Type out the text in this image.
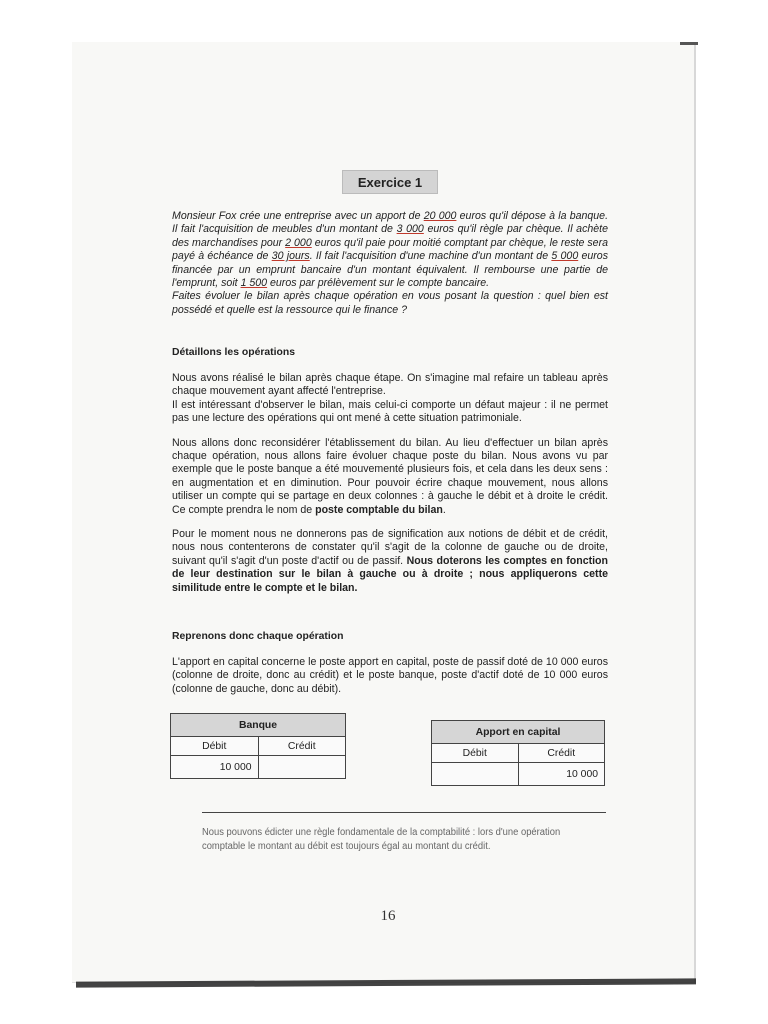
Exercice 1

Monsieur Fox crée une entreprise avec un apport de 20 000 euros qu'il dépose à la banque. Il fait l'acquisition de meubles d'un montant de 3 000 euros qu'il règle par chèque. Il achète des marchandises pour 2 000 euros qu'il paie pour moitié comptant par chèque, le reste sera payé à échéance de 30 jours. Il fait l'acquisition d'une machine d'un montant de 5 000 euros financée par un emprunt bancaire d'un montant équivalent. Il rembourse une partie de l'emprunt, soit 1 500 euros par prélèvement sur le compte bancaire.

Faites évoluer le bilan après chaque opération en vous posant la question : quel bien est possédé et quelle est la ressource qui le finance ?

Détaillons les opérations

Nous avons réalisé le bilan après chaque étape. On s'imagine mal refaire un tableau après chaque mouvement ayant affecté l'entreprise.

Il est intéressant d'observer le bilan, mais celui-ci comporte un défaut majeur : il ne permet pas une lecture des opérations qui ont mené à cette situation patrimoniale.

Nous allons donc reconsidérer l'établissement du bilan. Au lieu d'effectuer un bilan après chaque opération, nous allons faire évoluer chaque poste du bilan. Nous avons vu par exemple que le poste banque a été mouvementé plusieurs fois, et cela dans les deux sens : en augmentation et en diminution. Pour pouvoir écrire chaque mouvement, nous allons utiliser un compte qui se partage en deux colonnes : à gauche le débit et à droite le crédit. Ce compte prendra le nom de poste comptable du bilan.

Pour le moment nous ne donnerons pas de signification aux notions de débit et de crédit, nous nous contenterons de constater qu'il s'agit de la colonne de gauche ou de droite, suivant qu'il s'agit d'un poste d'actif ou de passif. Nous doterons les comptes en fonction de leur destination sur le bilan à gauche ou à droite ; nous appliquerons cette similitude entre le compte et le bilan.

Reprenons donc chaque opération

L'apport en capital concerne le poste apport en capital, poste de passif doté de 10 000 euros (colonne de droite, donc au crédit) et le poste banque, poste d'actif doté de 10 000 euros (colonne de gauche, donc au débit).

Banque	
Débit	Crédit
10 000	
Apport en capital	
Débit	Crédit
	10 000
Nous pouvons édicter une règle fondamentale de la comptabilité : lors d'une opération comptable le montant au débit est toujours égal au montant du crédit.
16
